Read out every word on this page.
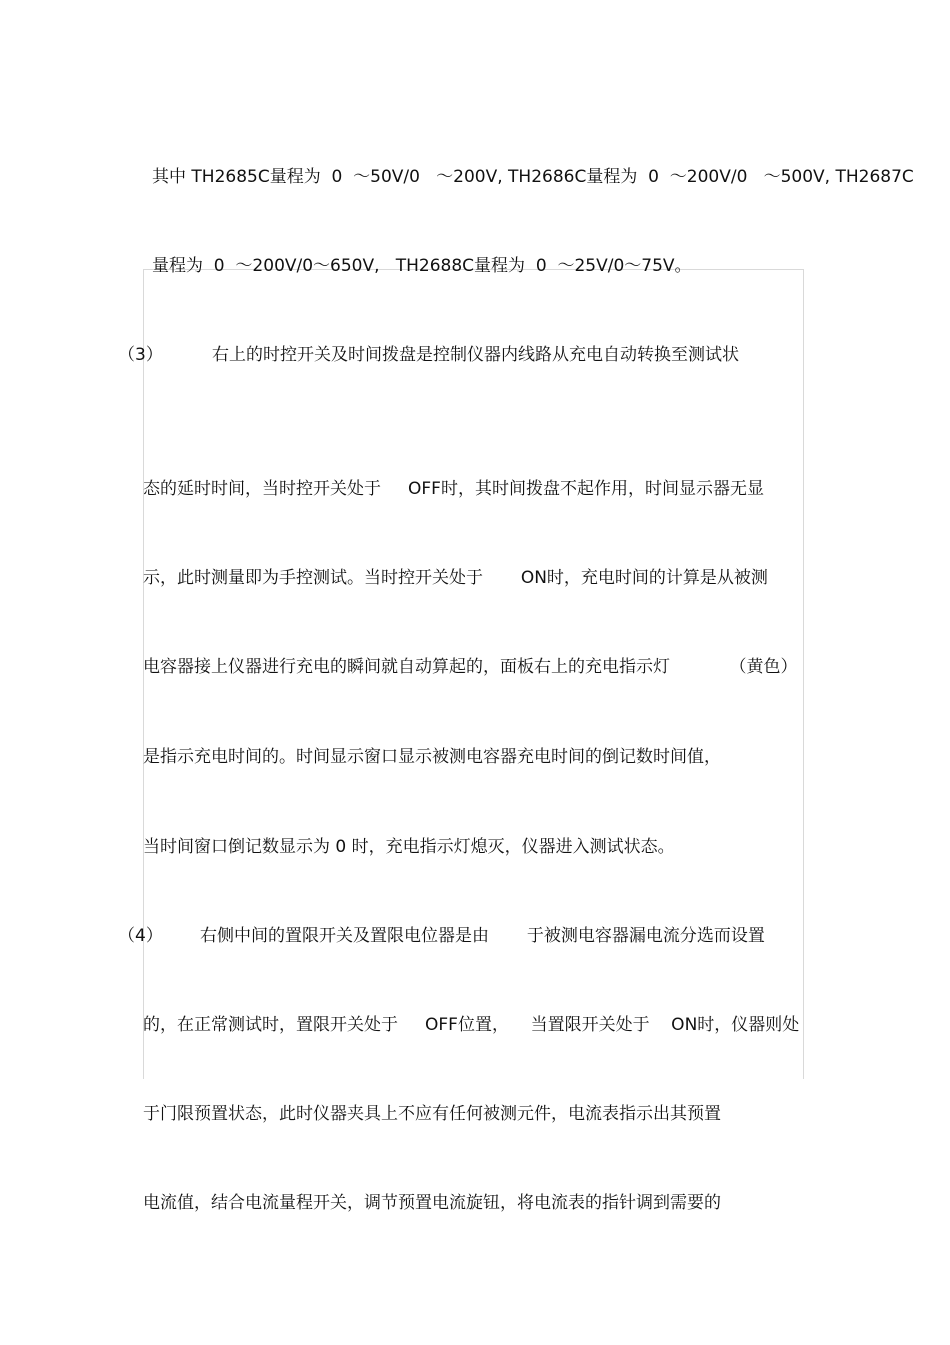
其中 TH2685C量程为  0  ～50V/0   ～200V, TH2686C量程为  0  ～200V/0   ～500V, TH2687C
量程为  0  ～200V/0～650V,   TH2688C量程为  0  ～25V/0～75V。
（3）	右上的时控开关及时间拨盘是控制仪器内线路从充电自动转换至测试状
态的延时时间，当时控开关处于     OFF时，其时间拨盘不起作用，时间显示器无显
示，此时测量即为手控测试。当时控开关处于       ON时，充电时间的计算是从被测
电容器接上仪器进行充电的瞬间就自动算起的，面板右上的充电指示灯           （黄色）
是指示充电时间的。时间显示窗口显示被测电容器充电时间的倒记数时间值，
当时间窗口倒记数显示为 0 时，充电指示灯熄灭，仪器进入测试状态。
（4） 右侧中间的置限开关及置限电位器是由       于被测电容器漏电流分选而设置
的，在正常测试时，置限开关处于     OFF位置，    当置限开关处于    ON时，仪器则处
于门限预置状态，此时仪器夹具上不应有任何被测元件，电流表指示出其预置
电流值，结合电流量程开关，调节预置电流旋钮，将电流表的指针调到需要的
